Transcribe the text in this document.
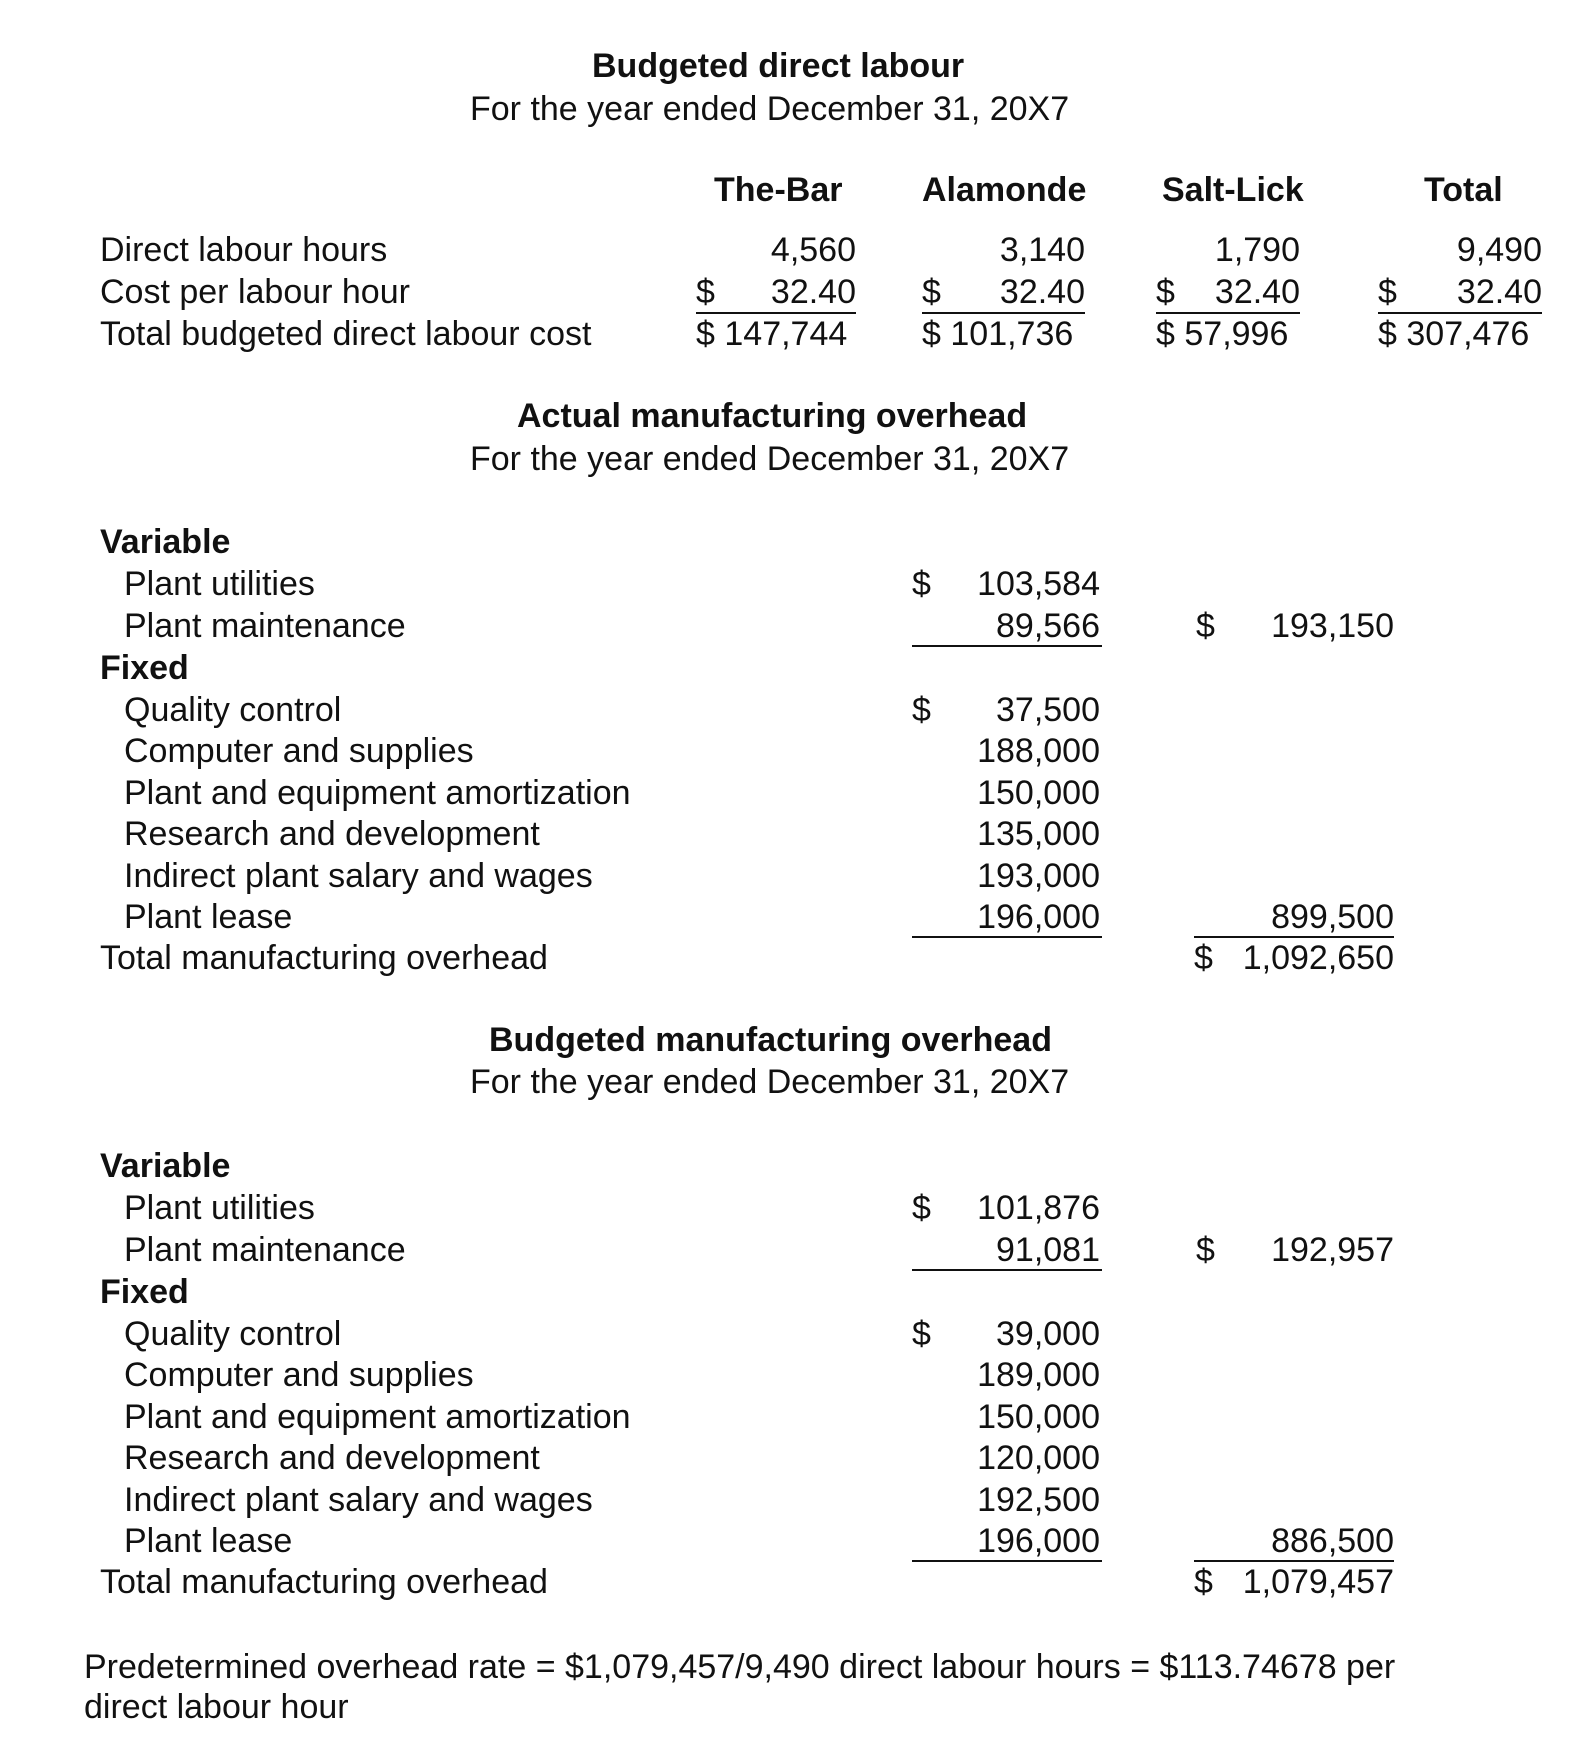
Budgeted direct labour
For the year ended December 31, 20X7
The-Bar Alamonde Salt-Lick	Total
Direct labour hours	4,560	3,140	1,790	9,490
Cost per labour hour	$ 32.40 $ 32.40 $ 32.40 $ 32.40
Total budgeted direct labour cost	$ 147,744 $ 101,736 $ 57,996	$ 307,476
Actual manufacturing overhead
For the year ended December 31, 20X7
Variable
Plant utilities	$ 103,584
Plant maintenance	89,566	$ 193,150
Fixed
Quality control	$ 37,500
Computer and supplies	188,000
Plant and equipment amortization	150,000
Research and development	135,000
Indirect plant salary and wages	193,000
Plant lease	196,000	899,500
Total manufacturing overhead	$ 1,092,650
Budgeted manufacturing overhead
For the year ended December 31, 20X7
Variable
Plant utilities	$ 101,876
Plant maintenance	91,081	$ 192,957
Fixed
Quality control	$ 39,000
Computer and supplies	189,000
Plant and equipment amortization	150,000
Research and development	120,000
Indirect plant salary and wages	192,500
Plant lease	196,000	886,500
Total manufacturing overhead	$ 1,079,457
Predetermined overhead rate = $1,079,457/9,490 direct labour hours = $113.74678 per
direct labour hour
